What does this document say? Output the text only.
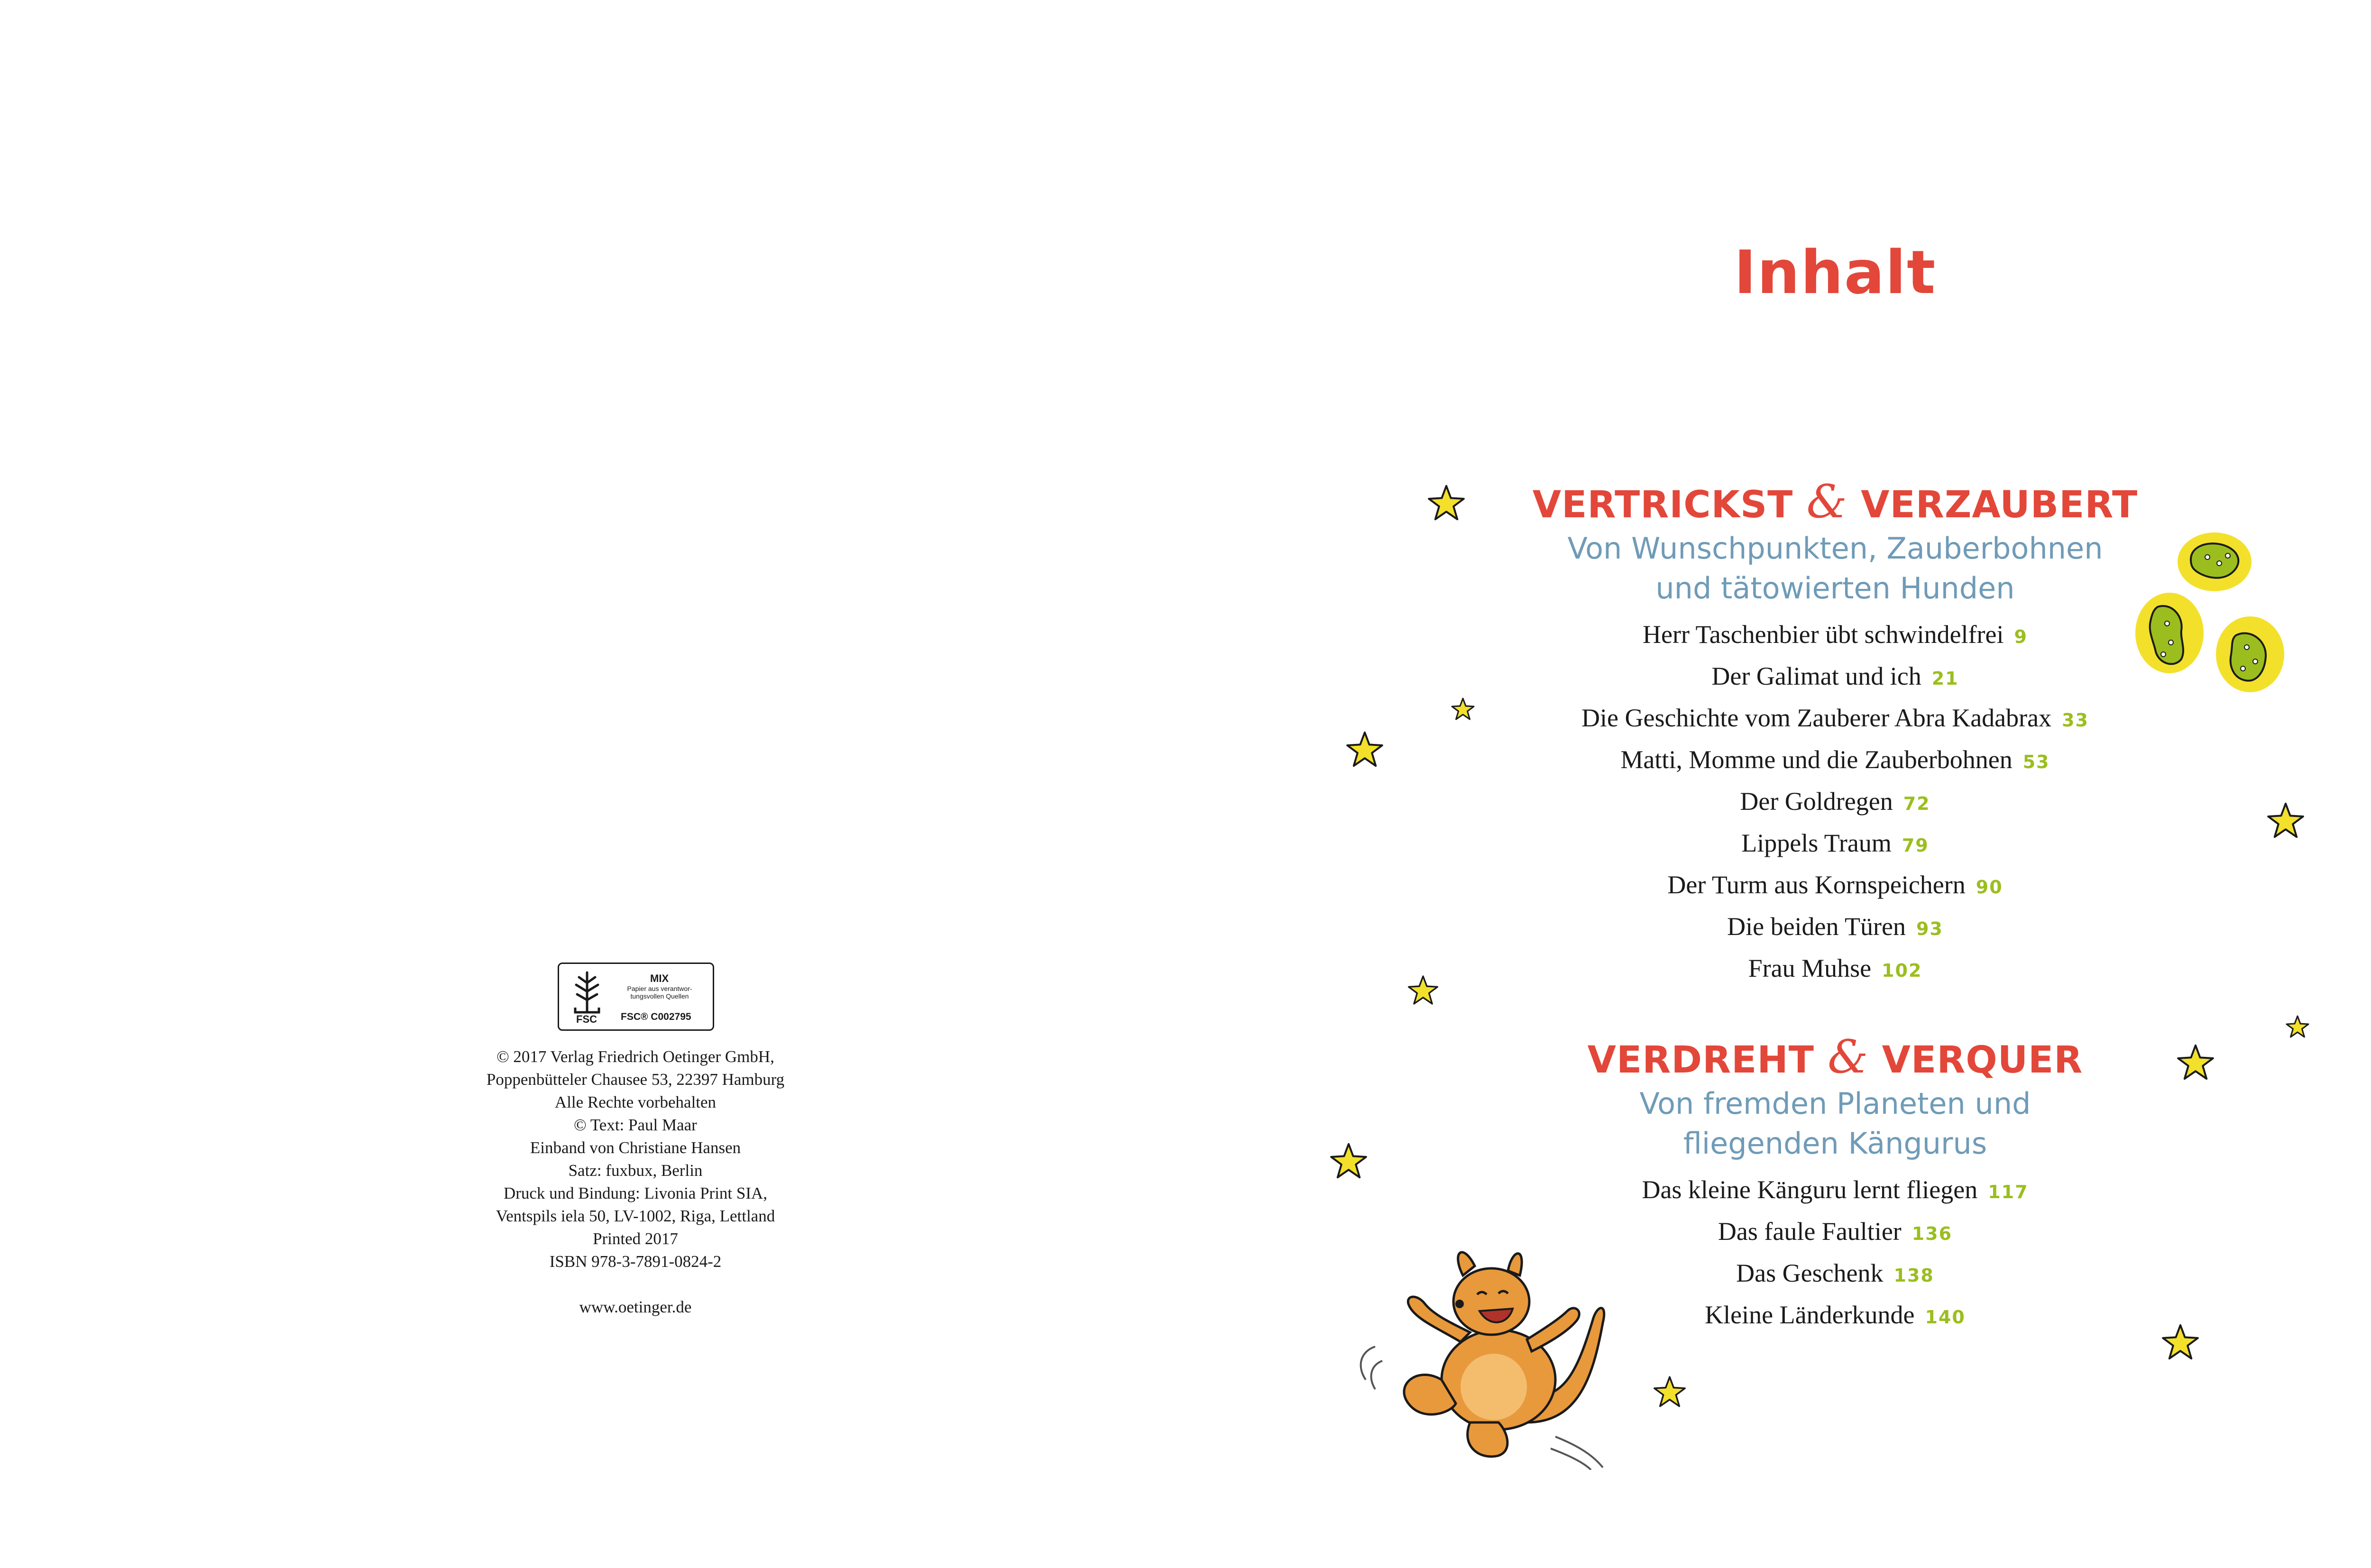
FSC
MIX
Papier aus verantwor-
tungsvollen Quellen
FSC® C002795
© 2017 Verlag Friedrich Oetinger GmbH,
Poppenbütteler Chausee 53, 22397 Hamburg
Alle Rechte vorbehalten
© Text: Paul Maar
Einband von Christiane Hansen
Satz: fuxbux, Berlin
Druck und Bindung: Livonia Print SIA,
Ventspils iela 50, LV-1002, Riga, Lettland
Printed 2017
ISBN 978-3-7891-0824-2
www.oetinger.de
Inhalt
VERTRICKST & VERZAUBERT
Von Wunschpunkten, Zauberbohnen
und tätowierten Hunden
Herr Taschenbier übt schwindelfrei 9
Der Galimat und ich 21
Die Geschichte vom Zauberer Abra Kadabrax 33
Matti, Momme und die Zauberbohnen 53
Der Goldregen 72
Lippels Traum 79
Der Turm aus Kornspeichern 90
Die beiden Türen 93
Frau Muhse 102
VERDREHT & VERQUER
Von fremden Planeten und
fliegenden Kängurus
Das kleine Känguru lernt fliegen 117
Das faule Faultier 136
Das Geschenk 138
Kleine Länderkunde 140
